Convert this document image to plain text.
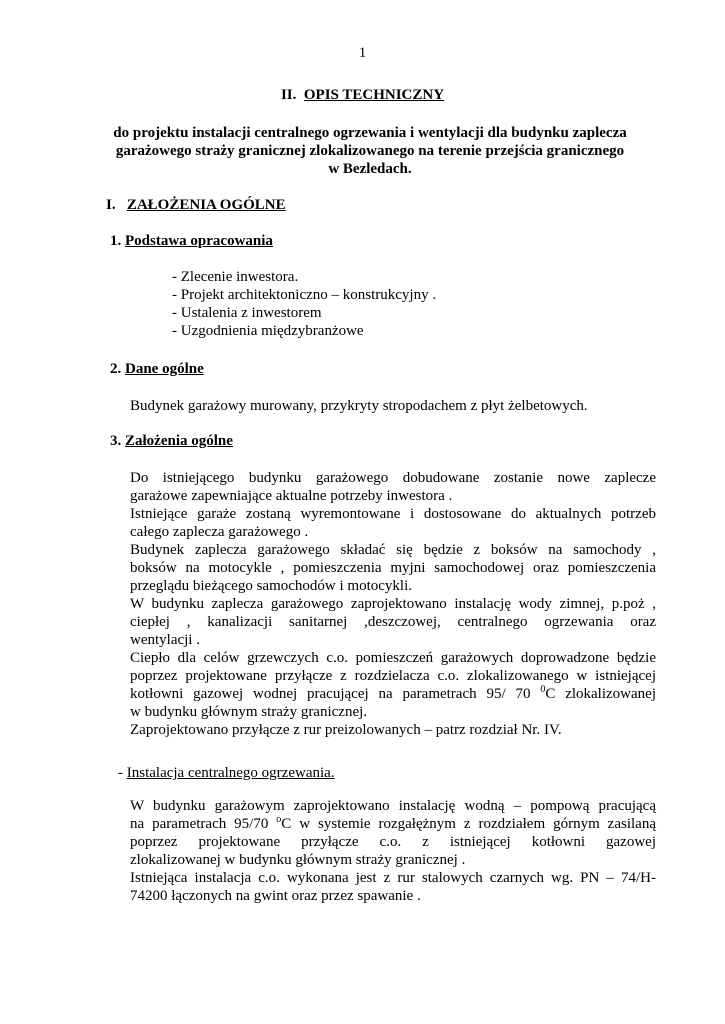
1
II. OPIS TECHNICZNY
do projektu instalacji centralnego ogrzewania i wentylacji dla budynku zaplecza
garażowego straży granicznej zlokalizowanego na terenie przejścia granicznego
w Bezledach.
I. ZAŁOŻENIA OGÓLNE
1. Podstawa opracowania
- Zlecenie inwestora.
- Projekt architektoniczno – konstrukcyjny .
- Ustalenia z inwestorem
- Uzgodnienia międzybranżowe
2. Dane ogólne
Budynek garażowy murowany, przykryty stropodachem z płyt żelbetowych.
3. Założenia ogólne
Do istniejącego budynku garażowego dobudowane zostanie nowe zaplecze
garażowe zapewniające aktualne potrzeby inwestora .
Istniejące garaże zostaną wyremontowane i dostosowane do aktualnych potrzeb
całego zaplecza garażowego .
Budynek zaplecza garażowego składać się będzie z boksów na samochody ,
boksów na motocykle , pomieszczenia myjni samochodowej oraz pomieszczenia
przeglądu bieżącego samochodów i motocykli.
W budynku zaplecza garażowego zaprojektowano instalację wody zimnej, p.poż ,
ciepłej , kanalizacji sanitarnej ,deszczowej, centralnego ogrzewania oraz
wentylacji .
Ciepło dla celów grzewczych c.o. pomieszczeń garażowych doprowadzone będzie
poprzez projektowane przyłącze z rozdzielacza c.o. zlokalizowanego w istniejącej
kotłowni gazowej wodnej pracującej na parametrach 95/ 70 $^0$C zlokalizowanej
w budynku głównym straży granicznej.
Zaprojektowano przyłącze z rur preizolowanych – patrz rozdział Nr. IV.
- Instalacja centralnego ogrzewania.
W budynku garażowym zaprojektowano instalację wodną – pompową pracującą
na parametrach 95/70 $^o$C w systemie rozgałężnym z rozdziałem górnym zasilaną
poprzez projektowane przyłącze c.o. z istniejącej kotłowni gazowej
zlokalizowanej w budynku głównym straży granicznej .
Istniejąca instalacja c.o. wykonana jest z rur stalowych czarnych wg. PN – 74/H-
74200 łączonych na gwint oraz przez spawanie .
